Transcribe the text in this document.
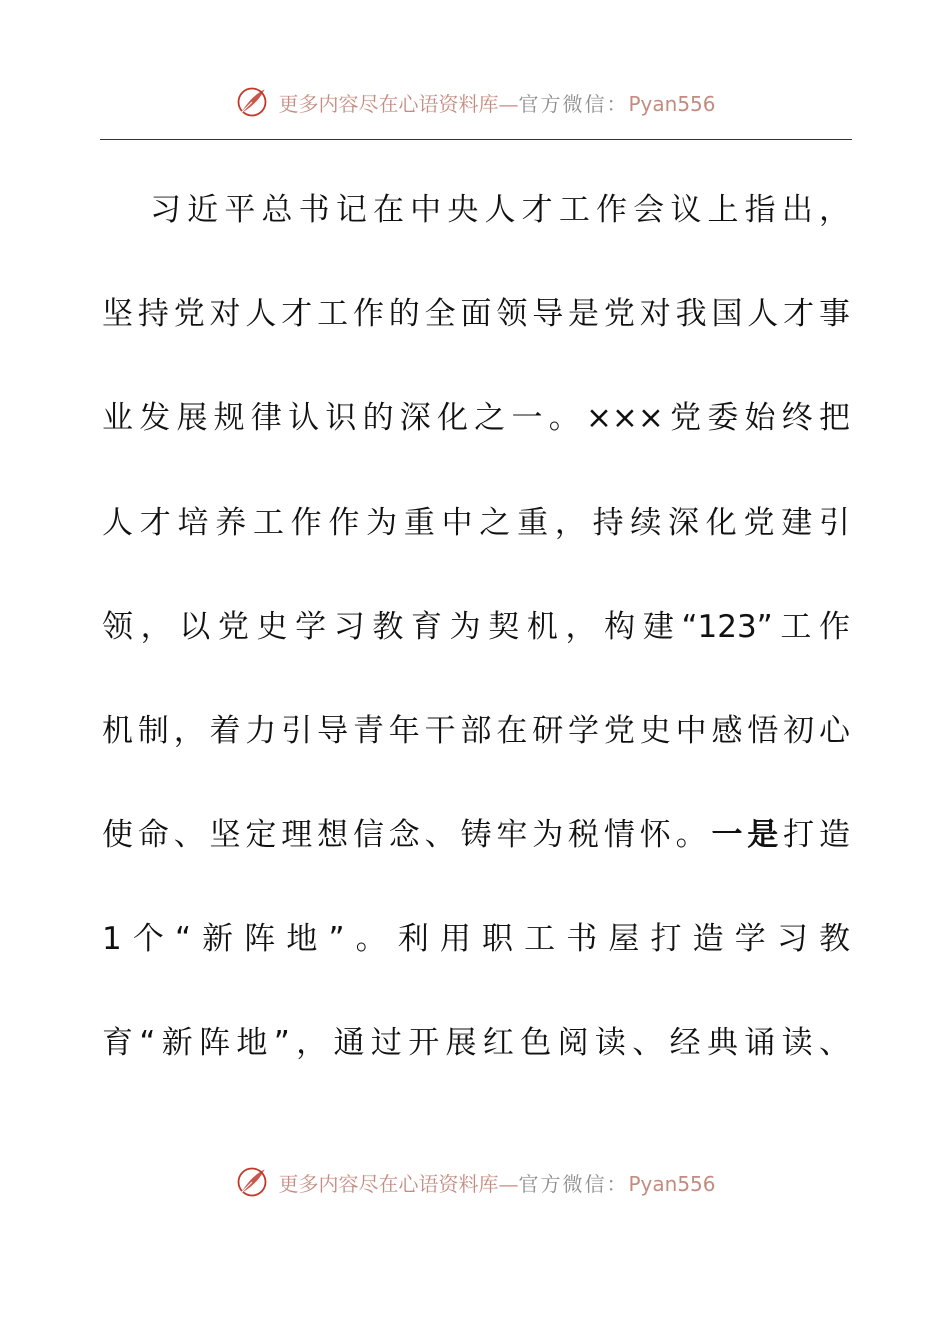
更多内容尽在心语资料库—官方微信：Pyan556
习近平总书记在中央人才工作会议上指出，
坚持党对人才工作的全面领导是党对我国人才事
业发展规律认识的深化之一。×××党委始终把
人才培养工作作为重中之重，持续深化党建引
领，以党史学习教育为契机，构建“123”工作
机制，着力引导青年干部在研学党史中感悟初心
使命、坚定理想信念、铸牢为税情怀。一是打造
1个“新阵地”。利用职工书屋打造学习教
育“新阵地”，通过开展红色阅读、经典诵读、
更多内容尽在心语资料库—官方微信：Pyan556
